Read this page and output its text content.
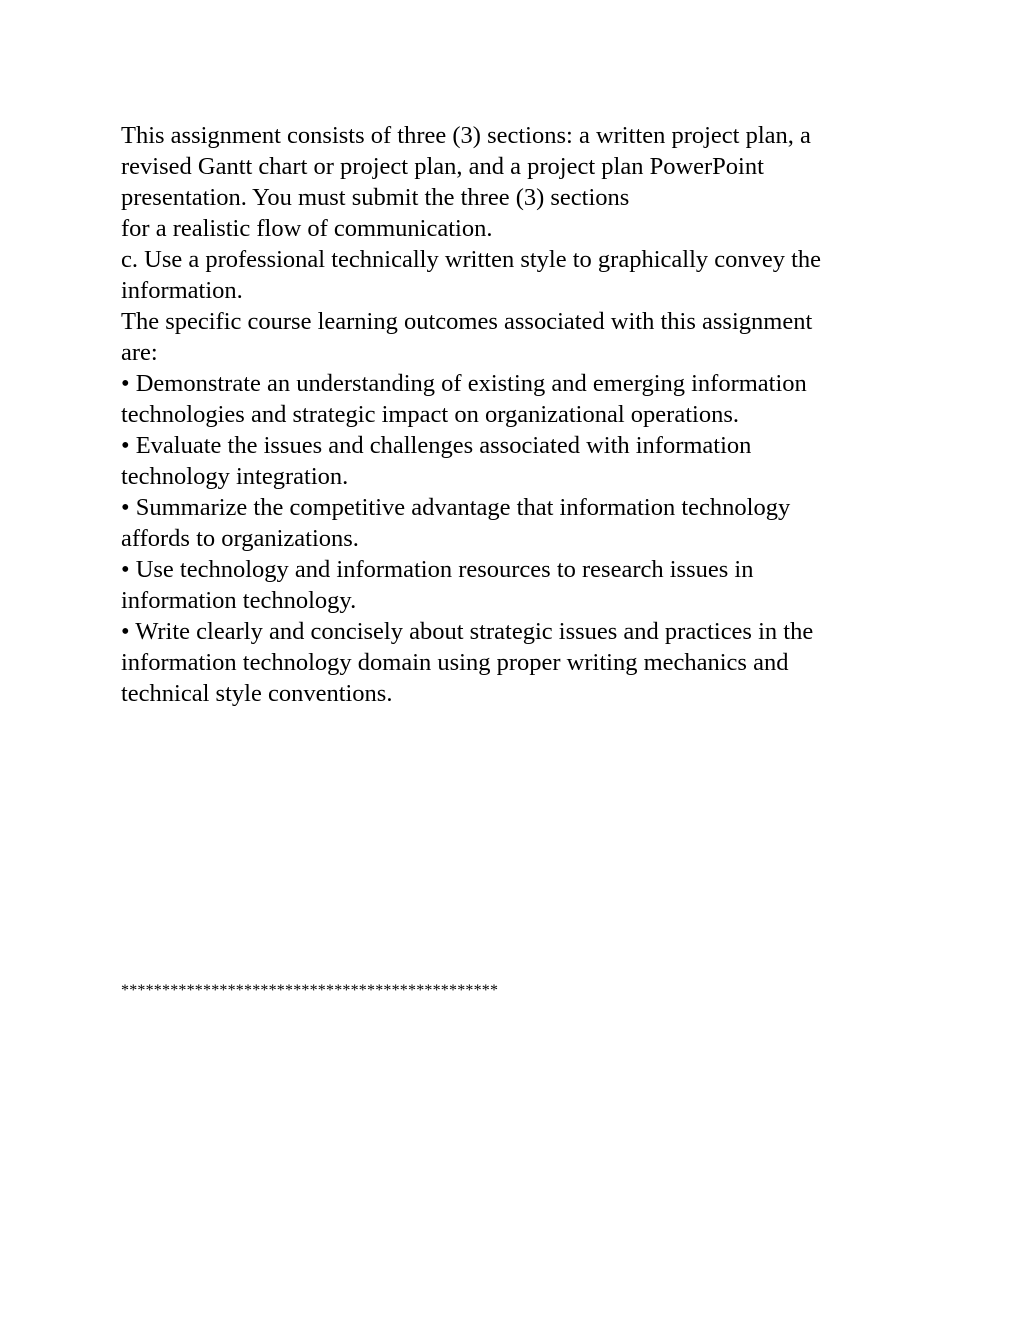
This assignment consists of three (3) sections: a written project plan, a
revised Gantt chart or project plan, and a project plan PowerPoint
presentation. You must submit the three (3) sections
for a realistic flow of communication.
c. Use a professional technically written style to graphically convey the
information.
The specific course learning outcomes associated with this assignment
are:
• Demonstrate an understanding of existing and emerging information
technologies and strategic impact on organizational operations.
• Evaluate the issues and challenges associated with information
technology integration.
• Summarize the competitive advantage that information technology
affords to organizations.
• Use technology and information resources to research issues in
information technology.
• Write clearly and concisely about strategic issues and practices in the
information technology domain using proper writing mechanics and
technical style conventions.
**********************************************
